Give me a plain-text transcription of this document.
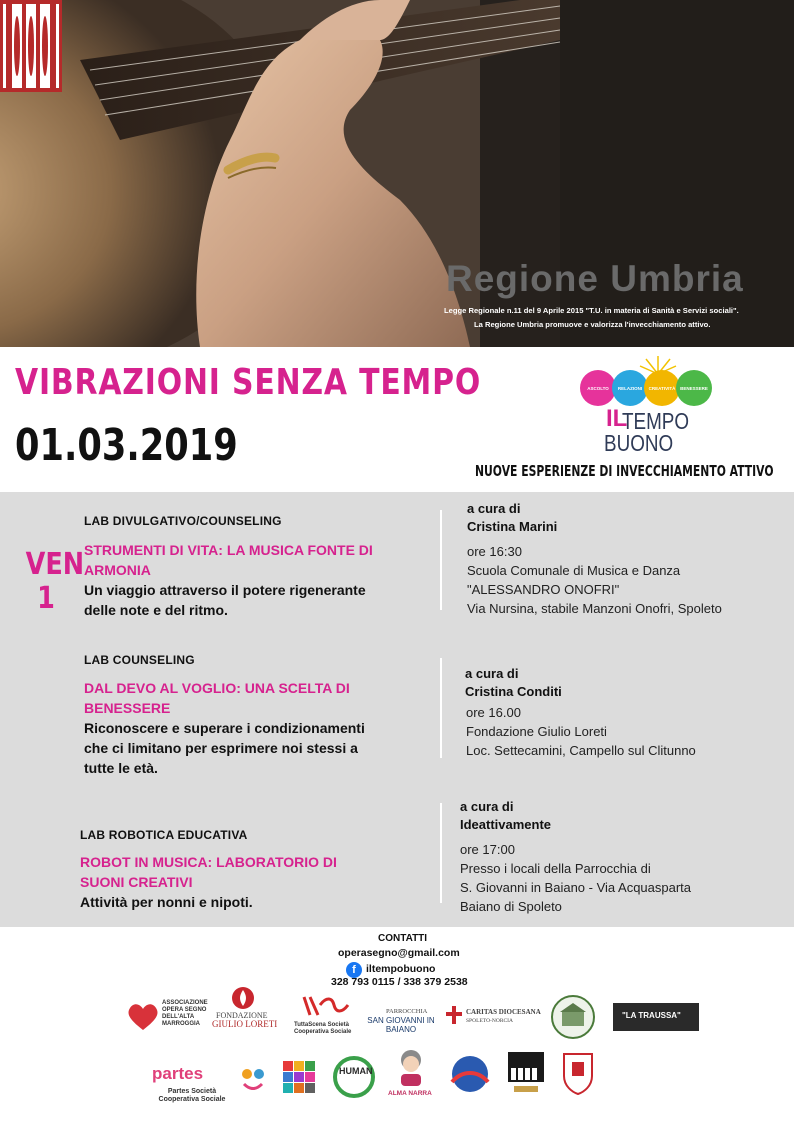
Regione Umbria
Legge Regionale n.11 del 9 Aprile 2015 "T.U. in materia di Sanità e Servizi sociali".
La Regione Umbria promuove e valorizza l'invecchiamento attivo.
VIBRAZIONI SENZA TEMPO
01.03.2019
ASCOLTO	RELAZIONI	CREATIVITÀ	BENESSERE
IL
TEMPO
BUONO
NUOVE ESPERIENZE DI INVECCHIAMENTO ATTIVO
VEN
1
LAB DIVULGATIVO/COUNSELING
STRUMENTI DI VITA: LA MUSICA FONTE DI
ARMONIA
Un viaggio attraverso il potere rigenerante
delle note e del ritmo.
a cura di
Cristina Marini
ore 16:30
Scuola Comunale di Musica e Danza
"ALESSANDRO ONOFRI"
Via Nursina, stabile Manzoni Onofri, Spoleto
LAB COUNSELING
DAL DEVO AL VOGLIO: UNA SCELTA DI
BENESSERE
Riconoscere e superare i condizionamenti
che ci limitano per esprimere noi stessi a
tutte le età.
a cura di
Cristina Conditi
ore 16.00
Fondazione Giulio Loreti
Loc. Settecamini, Campello sul Clitunno
LAB ROBOTICA EDUCATIVA
ROBOT IN MUSICA: LABORATORIO DI
SUONI CREATIVI
Attività per nonni e nipoti.
a cura di
Ideattivamente
ore 17:00
Presso i locali della Parrocchia di
S. Giovanni in Baiano - Via Acquasparta
Baiano di Spoleto
CONTATTI
operasegno@gmail.com
f iltempobuono
328 793 0115 / 338 379 2538
ASSOCIAZIONE OPERA SEGNO DELL'ALTA MARROGGIA
FONDAZIONE
GIULIO LORETI	TuttaScena Società Cooperativa Sociale
PARROCCHIA
SAN GIOVANNI IN BAIANO
CARITAS DIOCESANA
SPOLETO-NORCIA
"LA TRAUSSA"
partes
Partes Società Cooperativa Sociale
HUMAN
ALMA NARRA
